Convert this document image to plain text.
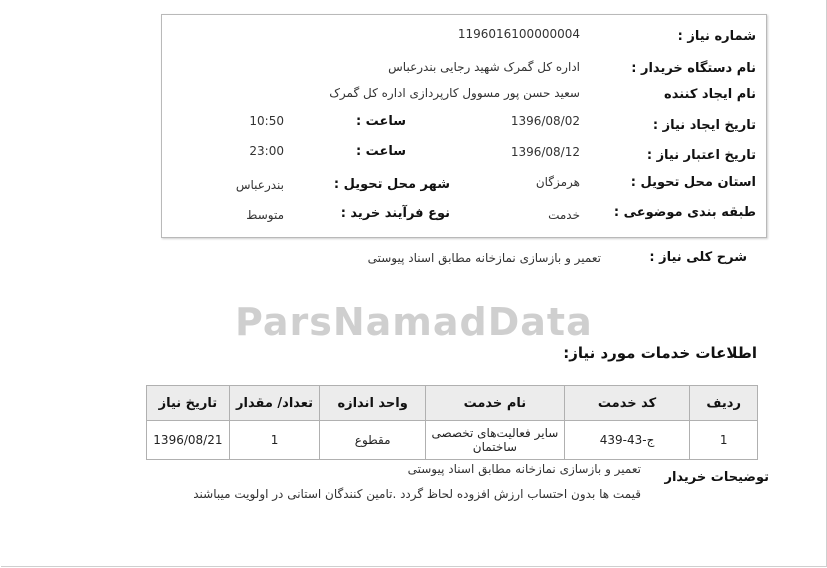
ParsNamadData
شماره نیاز :
1196016100000004
نام دستگاه خریدار :
اداره کل گمرک شهید رجایی بندرعباس
نام ایجاد کننده
سعید حسن پور مسوول کارپردازی اداره کل گمرک
تاریخ ایجاد نیاز :
1396/08/02
ساعت :
10:50
تاریخ اعتبار نیاز :
1396/08/12
ساعت :
23:00
استان محل تحویل :
هرمزگان
شهر محل تحویل :
بندرعباس
طبقه بندی موضوعی :
خدمت
نوع فرآیند خرید :
متوسط
شرح کلی نیاز :
تعمیر و بازسازی نمازخانه مطابق اسناد پیوستی
اطلاعات خدمات مورد نیاز:
ردیف	کد خدمت	نام خدمت	واحد اندازه	تعداد/ مقدار	تاریخ نیاز
1	ج-43-439	سایر فعالیت‌های تخصصی ساختمان	مقطوع	1	1396/08/21
توضیحات خریدار
تعمیر و بازسازی نمازخانه مطابق اسناد پیوستی
قیمت ها بدون احتساب ارزش افزوده لحاظ گردد .تامین کنندگان استانی در اولویت میباشند
